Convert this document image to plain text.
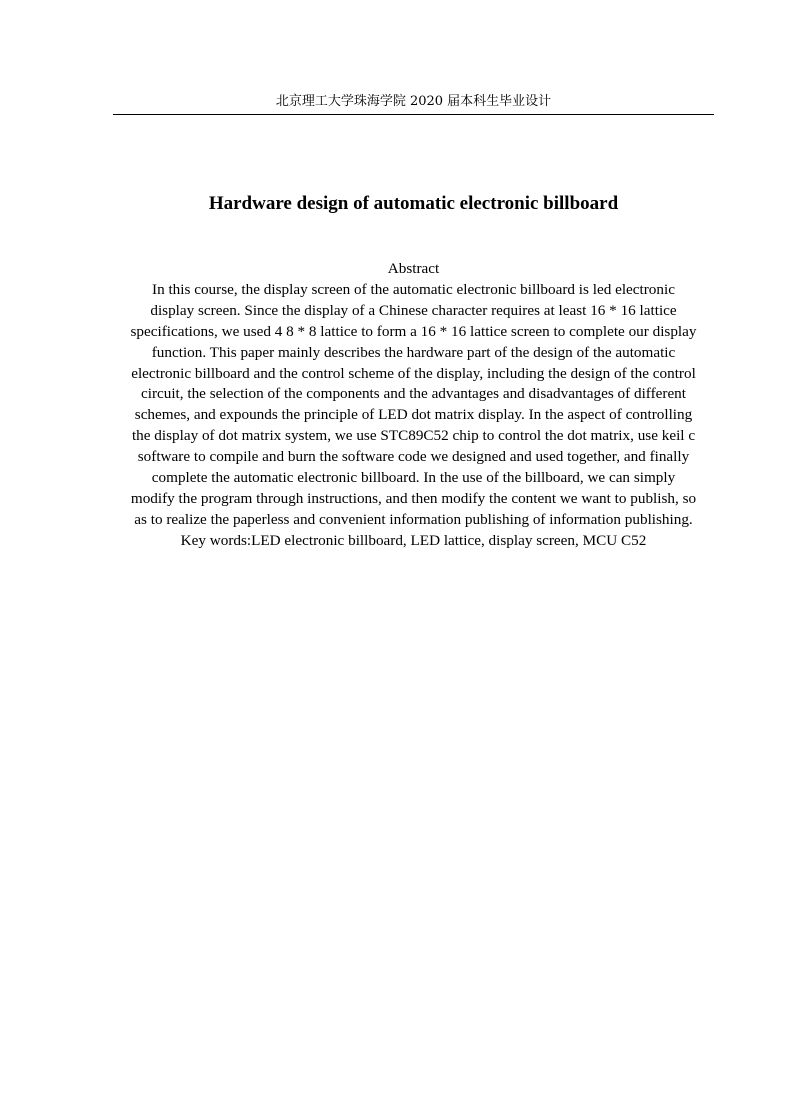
北京理工大学珠海学院 2020 届本科生毕业设计
Hardware design of automatic electronic billboard
Abstract
In this course, the display screen of the automatic electronic billboard is led electronic
display screen. Since the display of a Chinese character requires at least 16 * 16 lattice
specifications, we used 4 8 * 8 lattice to form a 16 * 16 lattice screen to complete our display
function. This paper mainly describes the hardware part of the design of the automatic
electronic billboard and the control scheme of the display, including the design of the control
circuit, the selection of the components and the advantages and disadvantages of different
schemes, and expounds the principle of LED dot matrix display. In the aspect of controlling
the display of dot matrix system, we use STC89C52 chip to control the dot matrix, use keil c
software to compile and burn the software code we designed and used together, and finally
complete the automatic electronic billboard. In the use of the billboard, we can simply
modify the program through instructions, and then modify the content we want to publish, so
as to realize the paperless and convenient information publishing of information publishing.
Key words:LED electronic billboard, LED lattice, display screen, MCU C52
